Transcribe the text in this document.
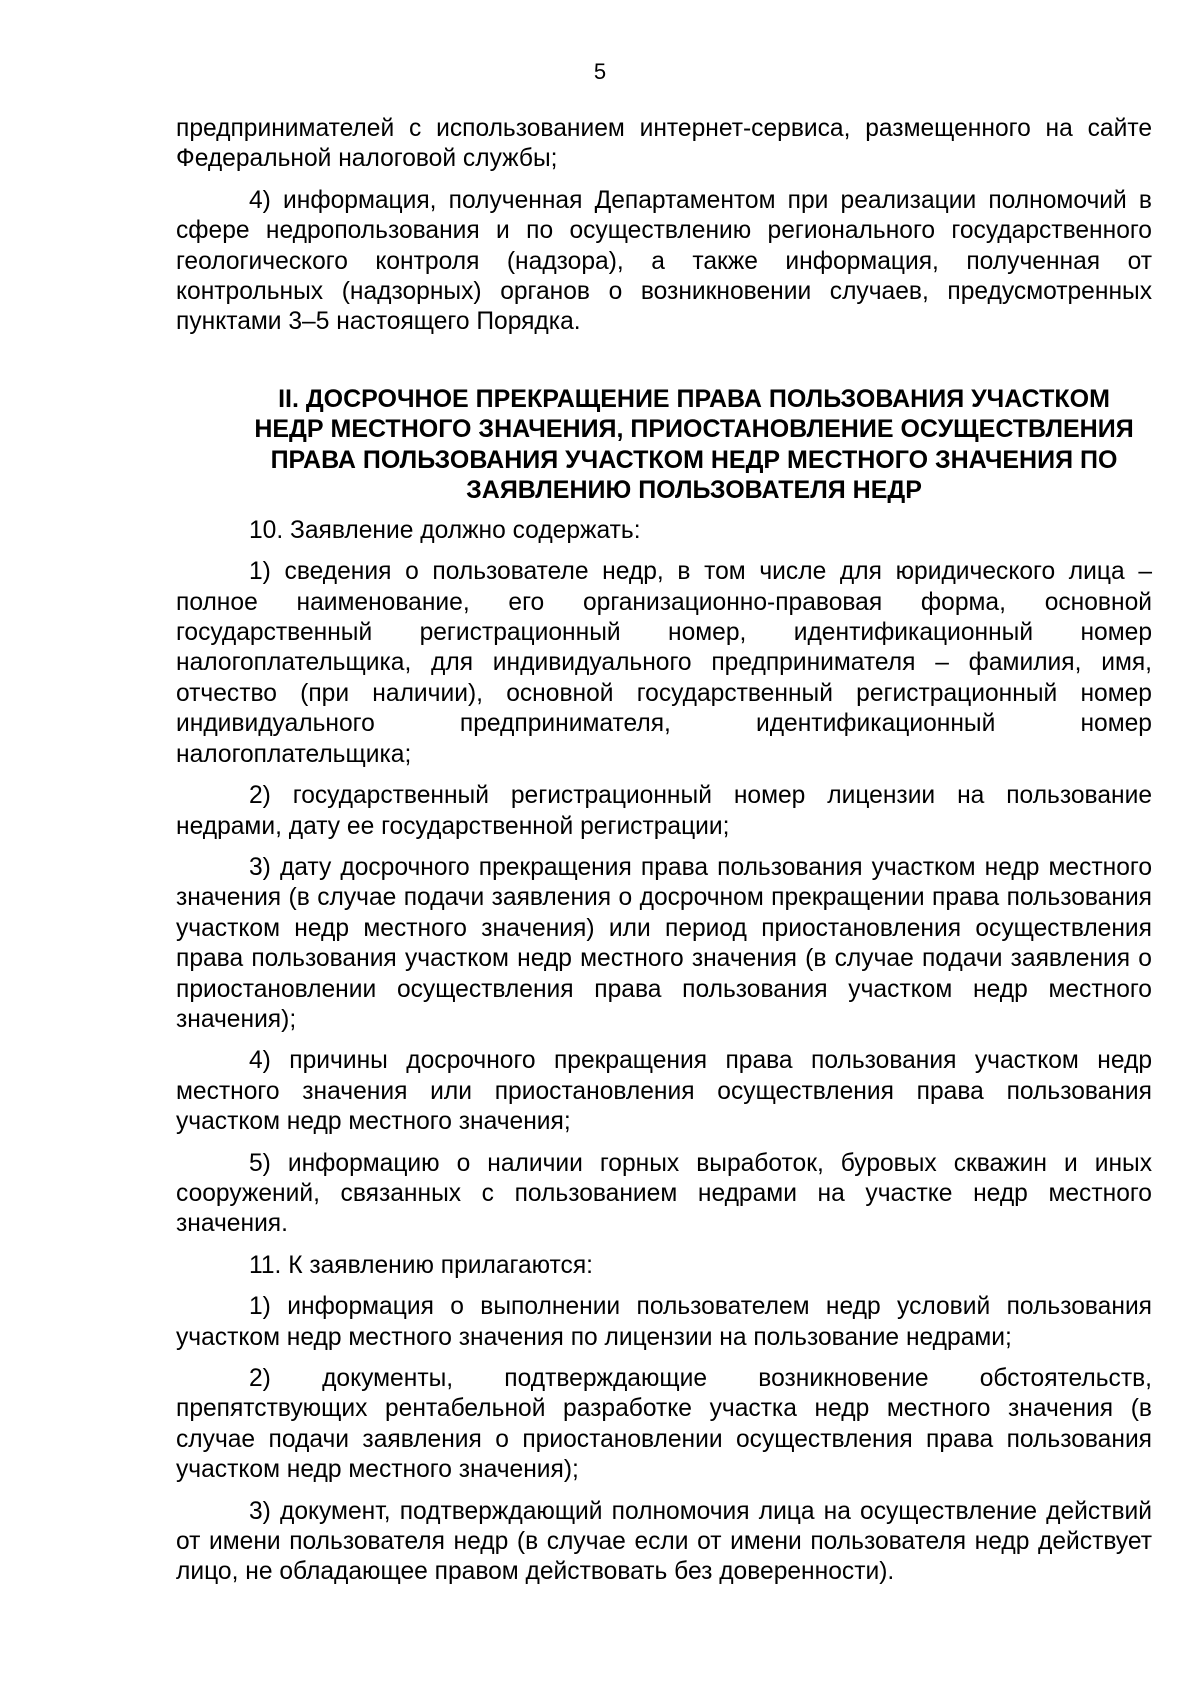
5

предпринимателей с использованием интернет-сервиса, размещенного на сайте Федеральной налоговой службы;

4) информация, полученная Департаментом при реализации полномочий в сфере недропользования и по осуществлению регионального государственного геологического контроля (надзора), а также информация, полученная от контрольных (надзорных) органов о возникновении случаев, предусмотренных пунктами 3–5 настоящего Порядка.

II. ДОСРОЧНОЕ ПРЕКРАЩЕНИЕ ПРАВА ПОЛЬЗОВАНИЯ УЧАСТКОМ
НЕДР МЕСТНОГО ЗНАЧЕНИЯ, ПРИОСТАНОВЛЕНИЕ ОСУЩЕСТВЛЕНИЯ
ПРАВА ПОЛЬЗОВАНИЯ УЧАСТКОМ НЕДР МЕСТНОГО ЗНАЧЕНИЯ ПО
ЗАЯВЛЕНИЮ ПОЛЬЗОВАТЕЛЯ НЕДР

10. Заявление должно содержать:

1) сведения о пользователе недр, в том числе для юридического лица – полное наименование, его организационно-правовая форма, основной государственный регистрационный номер, идентификационный номер налогоплательщика, для индивидуального предпринимателя – фамилия, имя, отчество (при наличии), основной государственный регистрационный номер индивидуального предпринимателя, идентификационный номер налогоплательщика;

2) государственный регистрационный номер лицензии на пользование недрами, дату ее государственной регистрации;

3) дату досрочного прекращения права пользования участком недр местного значения (в случае подачи заявления о досрочном прекращении права пользования участком недр местного значения) или период приостановления осуществления права пользования участком недр местного значения (в случае подачи заявления о приостановлении осуществления права пользования участком недр местного значения);

4) причины досрочного прекращения права пользования участком недр местного значения или приостановления осуществления права пользования участком недр местного значения;

5) информацию о наличии горных выработок, буровых скважин и иных сооружений, связанных с пользованием недрами на участке недр местного значения.

11. К заявлению прилагаются:

1) информация о выполнении пользователем недр условий пользования участком недр местного значения по лицензии на пользование недрами;

2) документы, подтверждающие возникновение обстоятельств, препятствующих рентабельной разработке участка недр местного значения (в случае подачи заявления о приостановлении осуществления права пользования участком недр местного значения);

3) документ, подтверждающий полномочия лица на осуществление действий от имени пользователя недр (в случае если от имени пользователя недр действует лицо, не обладающее правом действовать без доверенности).
